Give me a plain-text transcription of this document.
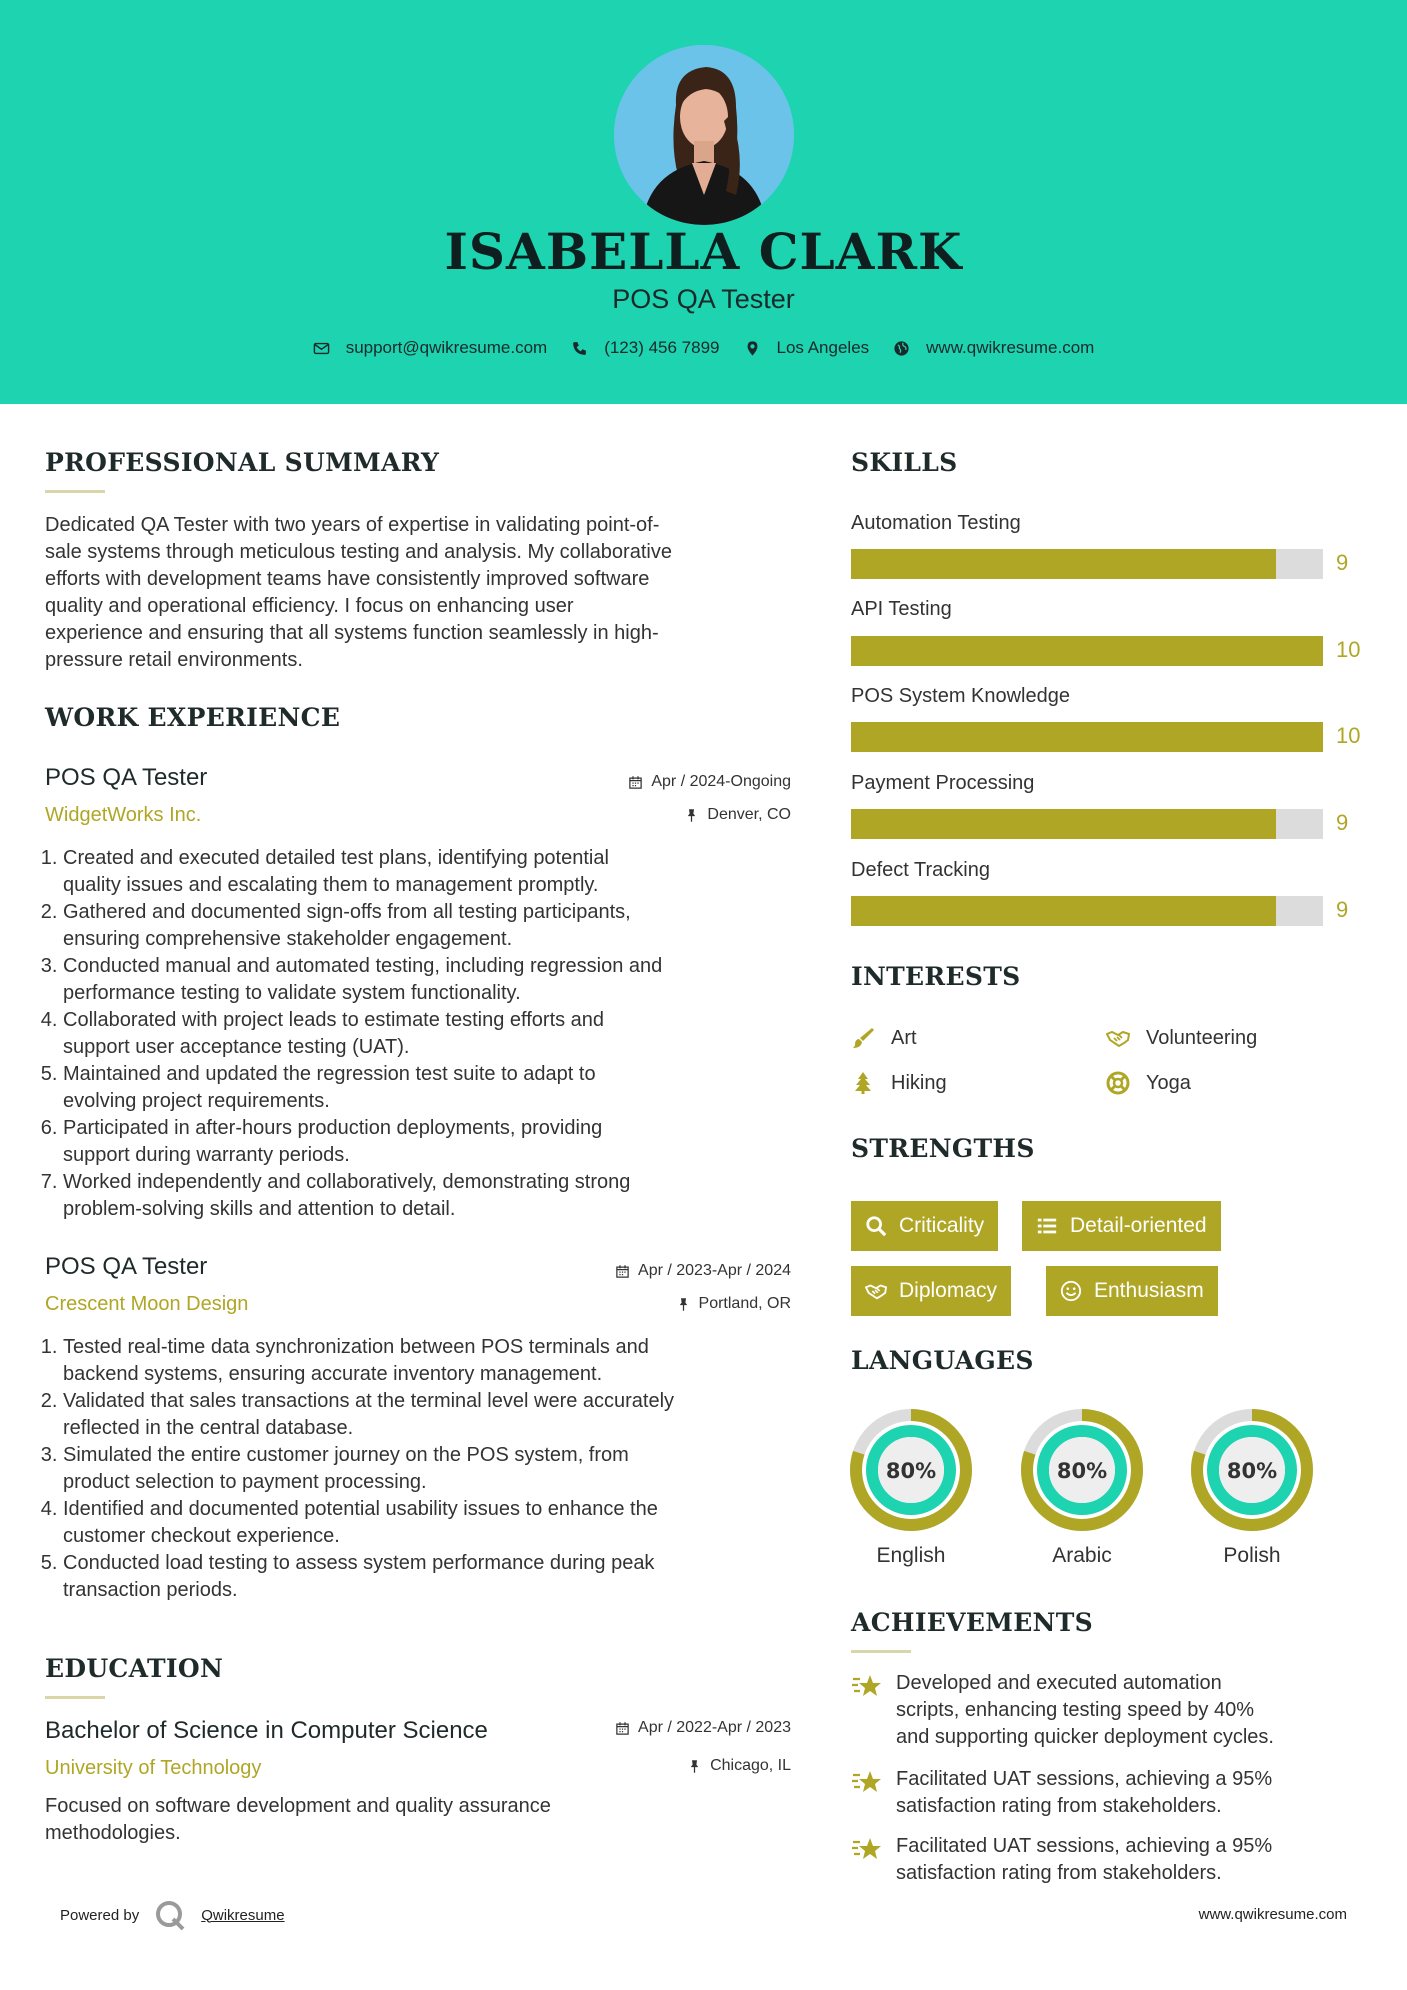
ISABELLA CLARK
POS QA Tester
support@qwikresume.com	(123) 456 7899	Los Angeles	www.qwikresume.com
PROFESSIONAL SUMMARY
Dedicated QA Tester with two years of expertise in validating point-of-
sale systems through meticulous testing and analysis. My collaborative
efforts with development teams have consistently improved software
quality and operational efficiency. I focus on enhancing user
experience and ensuring that all systems function seamlessly in high-
pressure retail environments.
WORK EXPERIENCE
POS QA Tester	Apr / 2024-Ongoing
WidgetWorks Inc.	Denver, CO
1. Created and executed detailed test plans, identifying potential
quality issues and escalating them to management promptly.
2. Gathered and documented sign-offs from all testing participants,
ensuring comprehensive stakeholder engagement.
3. Conducted manual and automated testing, including regression and
performance testing to validate system functionality.
4. Collaborated with project leads to estimate testing efforts and
support user acceptance testing (UAT).
5. Maintained and updated the regression test suite to adapt to
evolving project requirements.
6. Participated in after-hours production deployments, providing
support during warranty periods.
7. Worked independently and collaboratively, demonstrating strong
problem-solving skills and attention to detail.
POS QA Tester	Apr / 2023-Apr / 2024
Crescent Moon Design	Portland, OR
1. Tested real-time data synchronization between POS terminals and
backend systems, ensuring accurate inventory management.
2. Validated that sales transactions at the terminal level were accurately
reflected in the central database.
3. Simulated the entire customer journey on the POS system, from
product selection to payment processing.
4. Identified and documented potential usability issues to enhance the
customer checkout experience.
5. Conducted load testing to assess system performance during peak
transaction periods.
EDUCATION
Bachelor of Science in Computer Science	Apr / 2022-Apr / 2023
University of Technology	Chicago, IL
Focused on software development and quality assurance
methodologies.
SKILLS
Automation Testing
9
API Testing
10
POS System Knowledge
10
Payment Processing
9
Defect Tracking
9
INTERESTS
Art	Volunteering
Hiking	Yoga
STRENGTHS
Criticality	Detail-oriented
Diplomacy	Enthusiasm
LANGUAGES
80%
English
80%
Arabic
80%
Polish
ACHIEVEMENTS
Developed and executed automation
scripts, enhancing testing speed by 40%
and supporting quicker deployment cycles.
Facilitated UAT sessions, achieving a 95%
satisfaction rating from stakeholders.
Facilitated UAT sessions, achieving a 95%
satisfaction rating from stakeholders.
Powered by	Qwikresume	www.qwikresume.com
